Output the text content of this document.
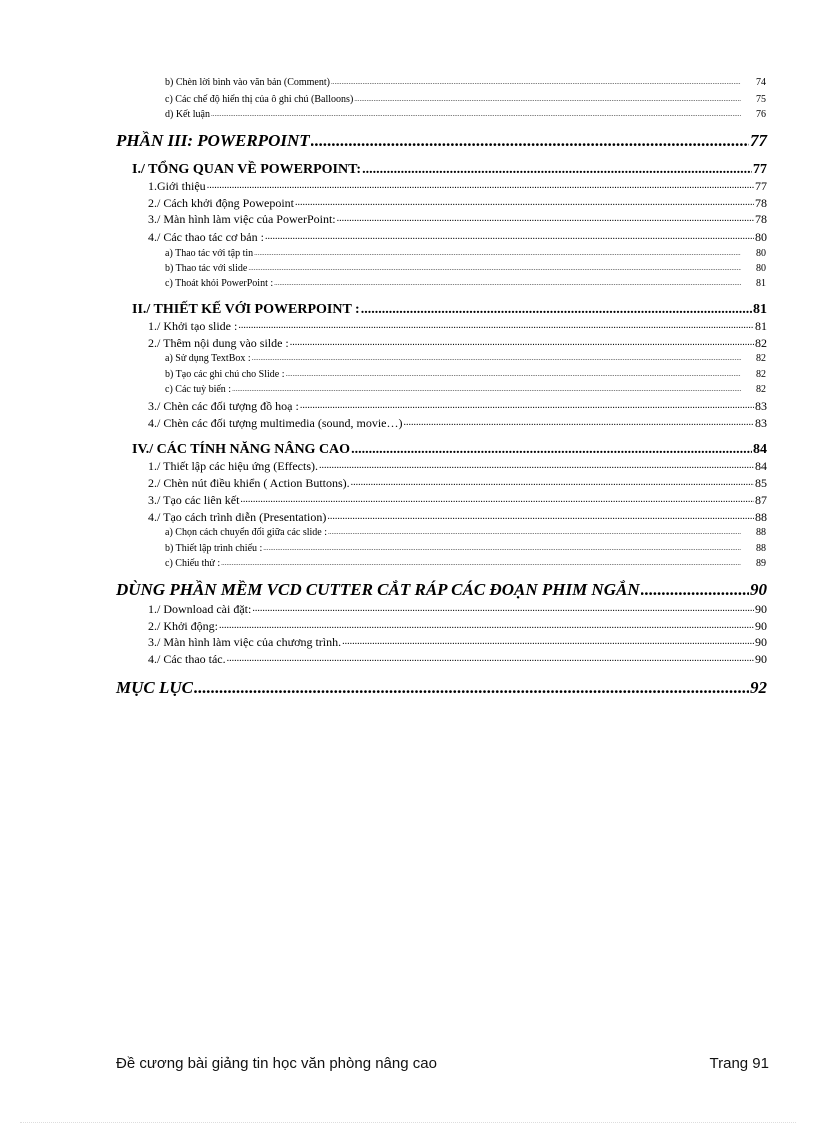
b) Chèn lời bình vào văn bản (Comment) .....	74
c) Các chế độ hiển thị của ô ghi chú (Balloons) .....	75
d) Kết luận .....	76
PHẦN III: POWERPOINT .....	77
I./ TỔNG QUAN VỀ POWERPOINT: .....	77
1.Giới thiệu .....	77
2./ Cách khởi động Powepoint .....	78
3./ Màn hình làm việc của PowerPoint: .....	78
4./ Các thao tác cơ bản : .....	80
a) Thao tác với tập tin .....	80
b) Thao tác với slide .....	80
c) Thoát khỏi PowerPoint : .....	81
II./ THIẾT KẾ VỚI POWERPOINT : .....	81
1./ Khởi tạo slide : .....	81
2./ Thêm nội dung vào silde : .....	82
a) Sử dụng TextBox : .....	82
b) Tạo các ghi chú cho Slide : .....	82
c) Các tuỳ biến : .....	82
3./ Chèn các đối tượng đồ hoạ : .....	83
4./ Chèn các đối tượng multimedia (sound, movie…) .....	83
IV./ CÁC TÍNH NĂNG NÂNG CAO .....	84
1./ Thiết lập các hiệu ứng (Effects). .....	84
2./ Chèn nút điều khiển ( Action Buttons). .....	85
3./ Tạo các liên kết .....	87
4./ Tạo cách trình diễn (Presentation) .....	88
a) Chọn cách chuyển đổi giữa các slide : .....	88
b) Thiết lập trình chiếu : .....	88
c) Chiếu thử : .....	89
DÙNG PHẦN MỀM VCD CUTTER CẮT RÁP CÁC ĐOẠN PHIM NGẮN .....	90
1./ Download cài đặt: .....	90
2./ Khởi động: .....	90
3./ Màn hình làm việc của chương trình. .....	90
4./ Các thao tác. .....	90
MỤC LỤC .....	92
Đề cương bài giảng tin học văn phòng nâng cao	Trang 91
